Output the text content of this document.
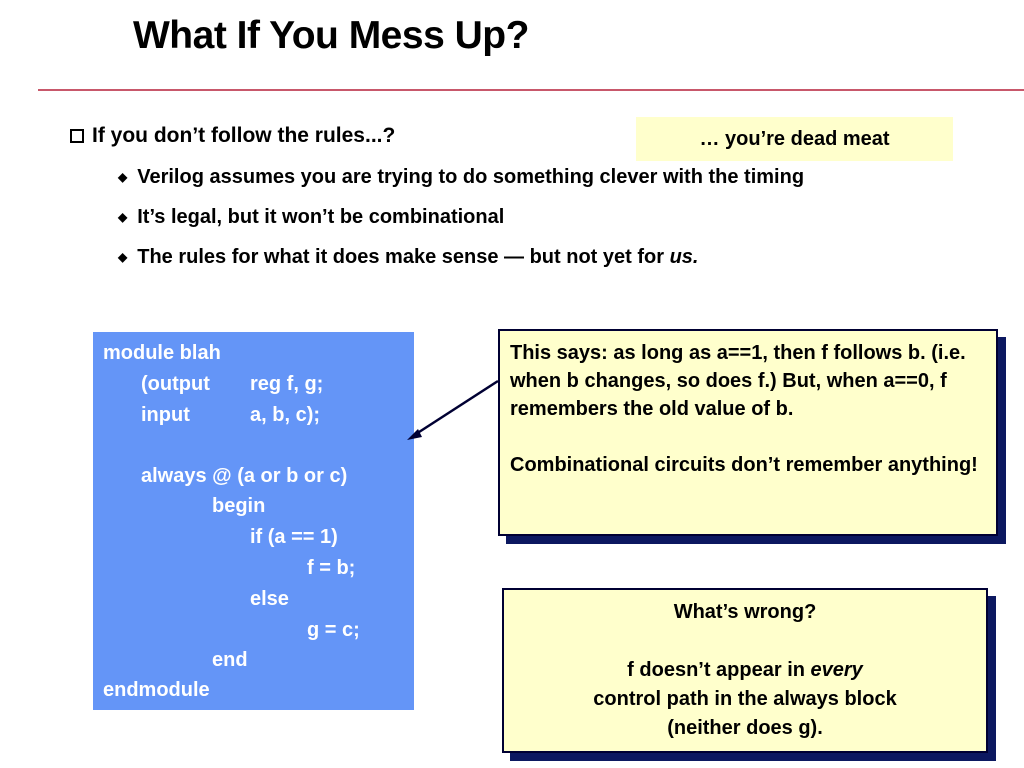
What If You Mess Up?
If you don’t follow the rules...?	… you’re dead meat
◆ Verilog assumes you are trying to do something clever with the timing
◆ It’s legal, but it won’t be combinational
◆ The rules for what it does make sense — but not yet for us.
module blah
(output reg f, g;
input	a, b, c);
always @ (a or b or c)
begin
if (a == 1)
f = b;
else
g = c;
end
endmodule

This says: as long as a==1, then f follows b. (i.e. when b changes, so does f.) But, when a==0, f remembers the old value of b.

Combinational circuits don’t remember anything!

What’s wrong?

f doesn’t appear in every

control path in the always block

(neither does g).
